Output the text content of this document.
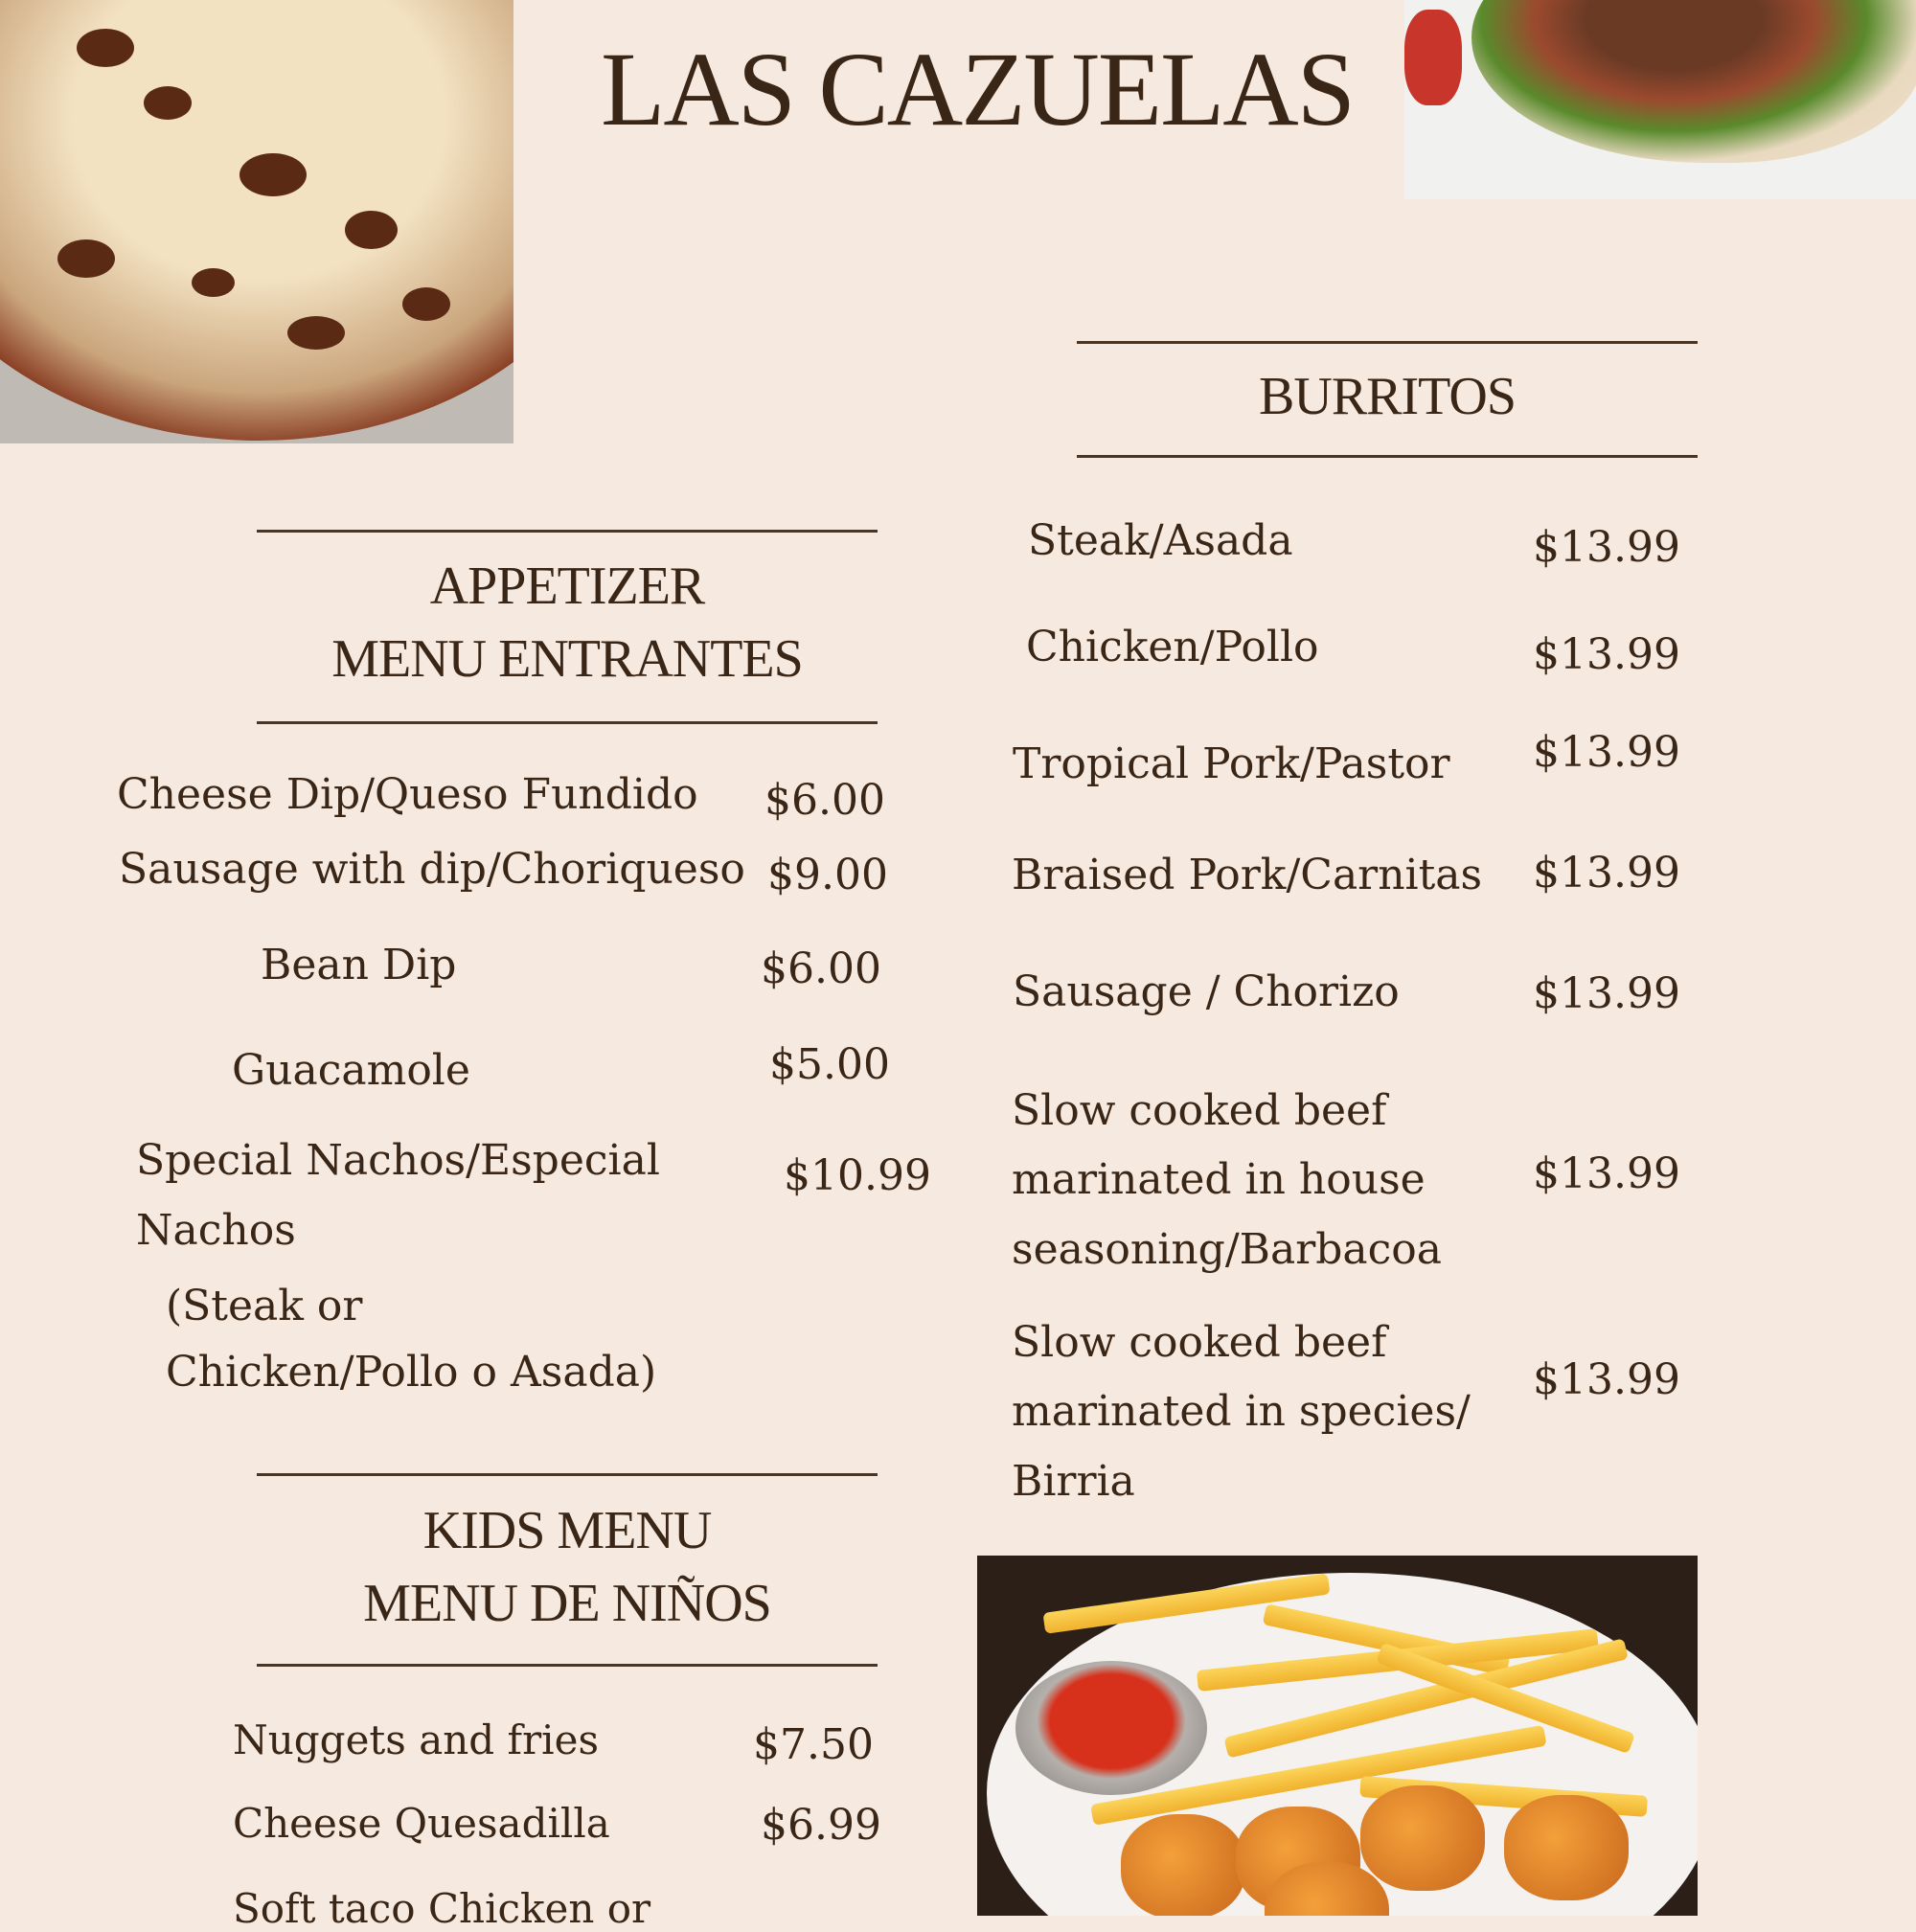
LAS CAZUELAS
BURRITOS
Steak/Asada	$13.99
Chicken/Pollo	$13.99
Tropical Pork/Pastor $13.99
Braised Pork/Carnitas $13.99
Sausage / Chorizo	$13.99
Slow cooked beef
marinated in house
seasoning/Barbacoa
$13.99
Slow cooked beef
marinated in species/
Birria
$13.99
APPETIZER
MENU ENTRANTES
Cheese Dip/Queso Fundido $6.00
Sausage with dip/Choriqueso $9.00
Bean Dip	$6.00
Guacamole	$5.00
Special Nachos/Especial
Nachos
(Steak or
Chicken/Pollo o Asada)
$10.99
KIDS MENU
MENU DE NIÑOS
Nuggets and fries	$7.50
Cheese Quesadilla	$6.99
Soft taco Chicken or
